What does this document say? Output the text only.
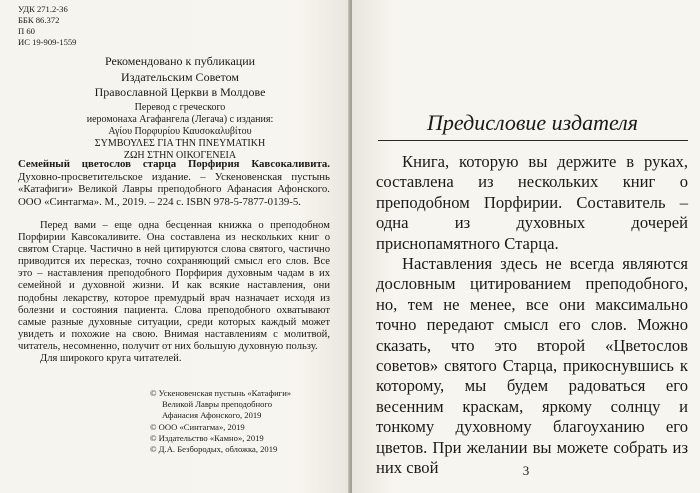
УДК 271.2-36
ББК 86.372
П 60
ИС 19-909-1559
Рекомендовано к публикации
Издательским Советом
Православной Церкви в Молдове
Перевод с греческого
иеромонаха Агафангела (Легача) с издания:
Αγίου Πορφυρίου Καυσοκαλυβίτου
ΣΥΜΒΟΥΛΕΣ ΓΙΑ ΤΗΝ ΠΝΕΥΜΑΤΙΚΗ
ΖΩΗ ΣΤΗΝ ΟΙΚΟΓΕΝΕΙΑ
Семейный цветослов старца Порфирия Кавсокаливита. Духовно-просветительское издание. – Ускеновенская пустынь «Катафиги» Великой Лавры преподобного Афанасия Афонского. ООО «Синтагма». М., 2019. – 224 с. ISBN 978-5-7877-0139-5.

Перед вами – еще одна бесценная книжка о преподобном Порфирии Кавсокаливите. Она составлена из нескольких книг о святом Старце. Частично в ней цитируются слова святого, частично приводится их пересказ, точно сохраняющий смысл его слов. Все это – наставления преподобного Порфирия духовным чадам в их семейной и духовной жизни. И как всякие наставления, они подобны лекарству, которое премудрый врач назначает исходя из болезни и состояния пациента. Слова преподобного охватывают самые разные духовные ситуации, среди которых каждый может увидеть и похожие на свою. Внимая наставлениям с молитвой, читатель, несомненно, получит от них большую духовную пользу.

Для широкого круга читателей.

© Ускеновенская пустынь «Катафиги»
Великой Лавры преподобного
Афанасия Афонского, 2019
© ООО «Синтагма», 2019
© Издательство «Камно», 2019
© Д.А. Безбородых, обложка, 2019
Предисловие издателя

Книга, которую вы держите в руках, составлена из нескольких книг о преподобном Порфирии. Составитель – одна из духовных дочерей приснопамятного Старца.

Наставления здесь не всегда являются дословным цитированием преподобного, но, тем не менее, все они максимально точно передают смысл его слов. Можно сказать, что это второй «Цветослов советов» святого Старца, прикоснувшись к которому, мы будем радоваться его весенним краскам, яркому солнцу и тонкому духовному благоуханию его цветов. При желании вы можете собрать из них свой	3
